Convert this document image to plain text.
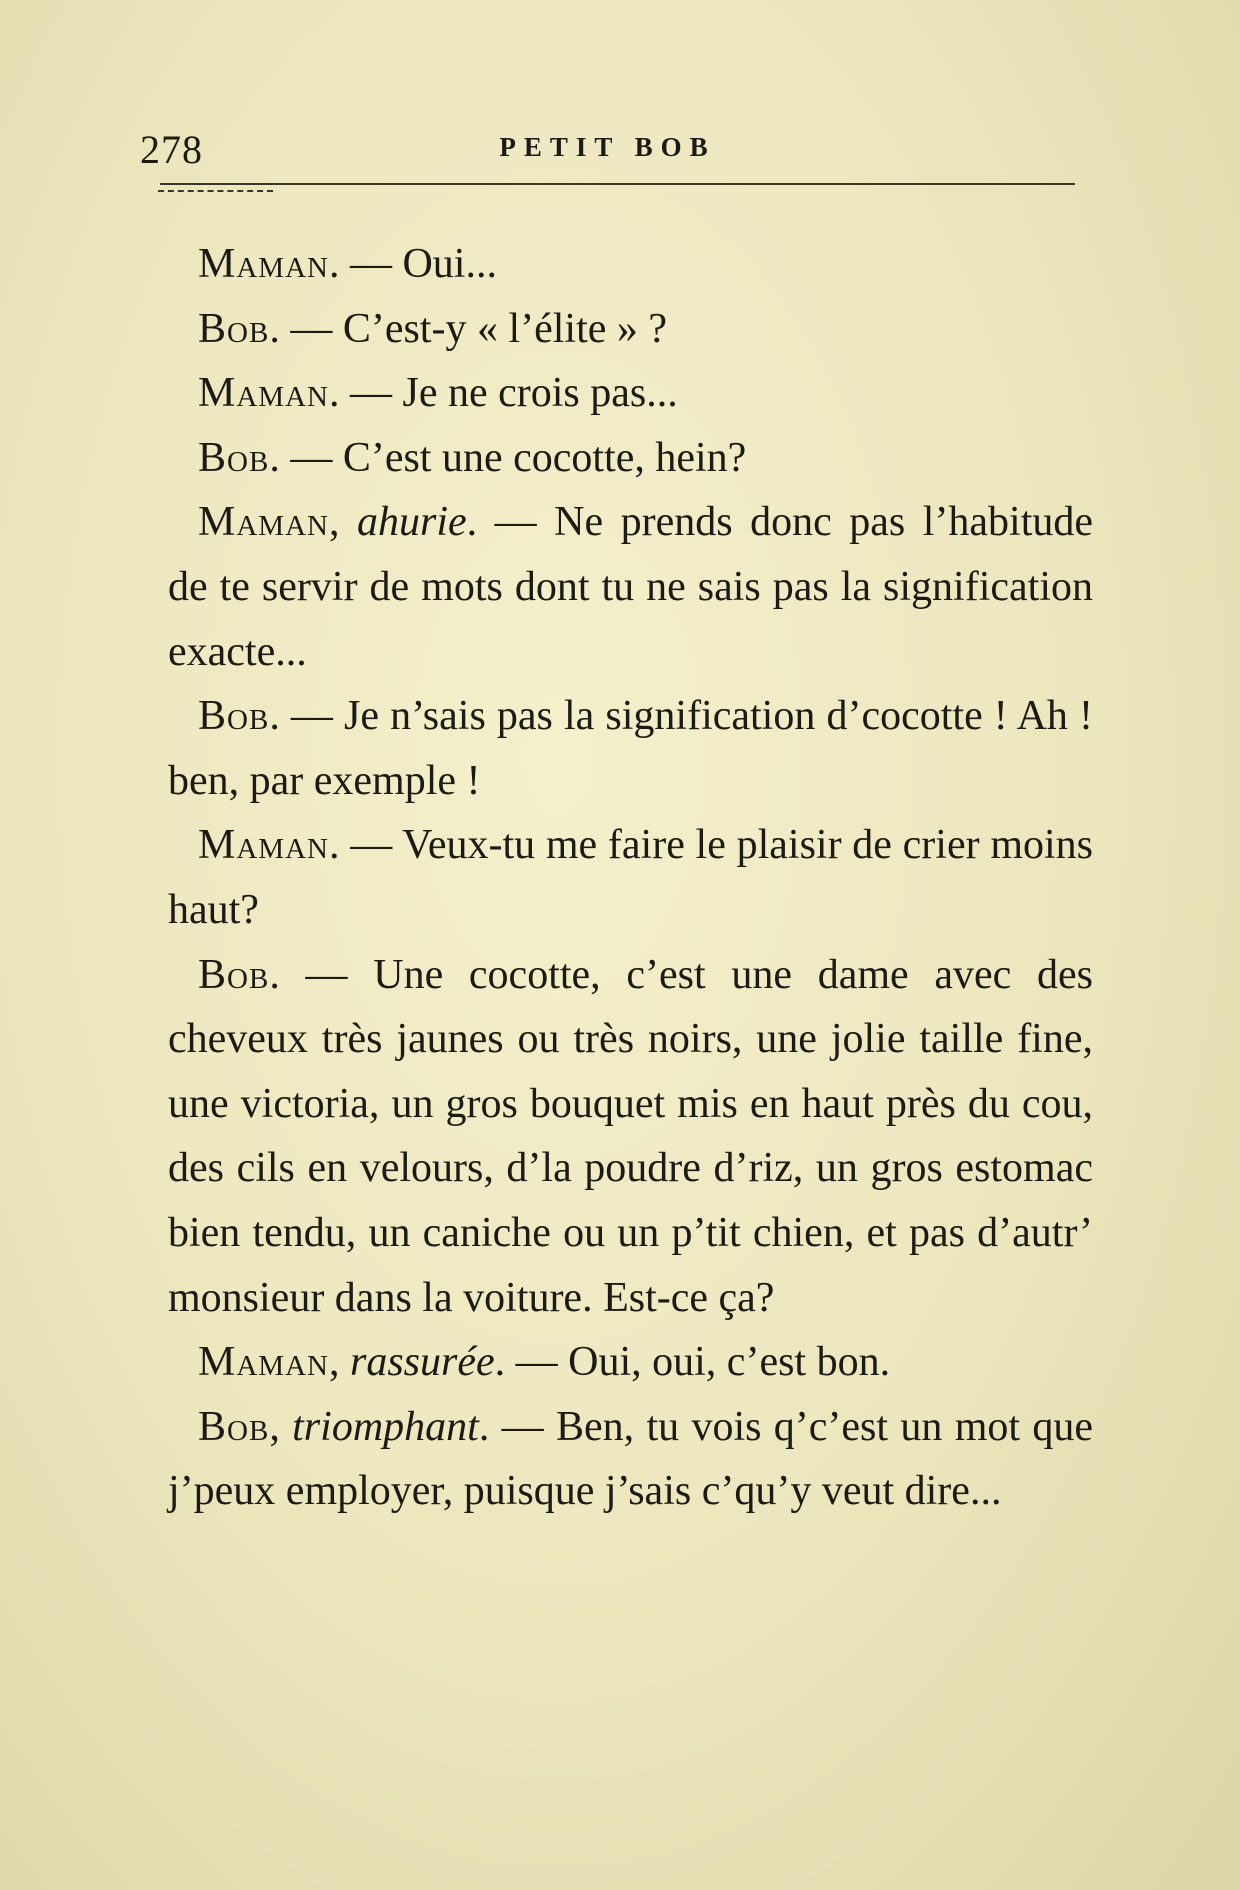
278	PETIT BOB

Maman. — Oui...

Bob. — C’est-y « l’élite » ?

Maman. — Je ne crois pas...

Bob. — C’est une cocotte, hein?

Maman, ahurie. — Ne prends donc pas l’habitude de te servir de mots dont tu ne sais pas la signification exacte...

Bob. — Je n’sais pas la signification d’cocotte ! Ah ! ben, par exemple !

Maman. — Veux-tu me faire le plaisir de crier moins haut?

Bob. — Une cocotte, c’est une dame avec des cheveux très jaunes ou très noirs, une jolie taille fine, une victoria, un gros bouquet mis en haut près du cou, des cils en velours, d’la poudre d’riz, un gros estomac bien tendu, un caniche ou un p’tit chien, et pas d’autr’ monsieur dans la voiture. Est-ce ça?

Maman, rassurée. — Oui, oui, c’est bon.

Bob, triomphant. — Ben, tu vois q’c’est un mot que j’peux employer, puisque j’sais c’qu’y veut dire...
